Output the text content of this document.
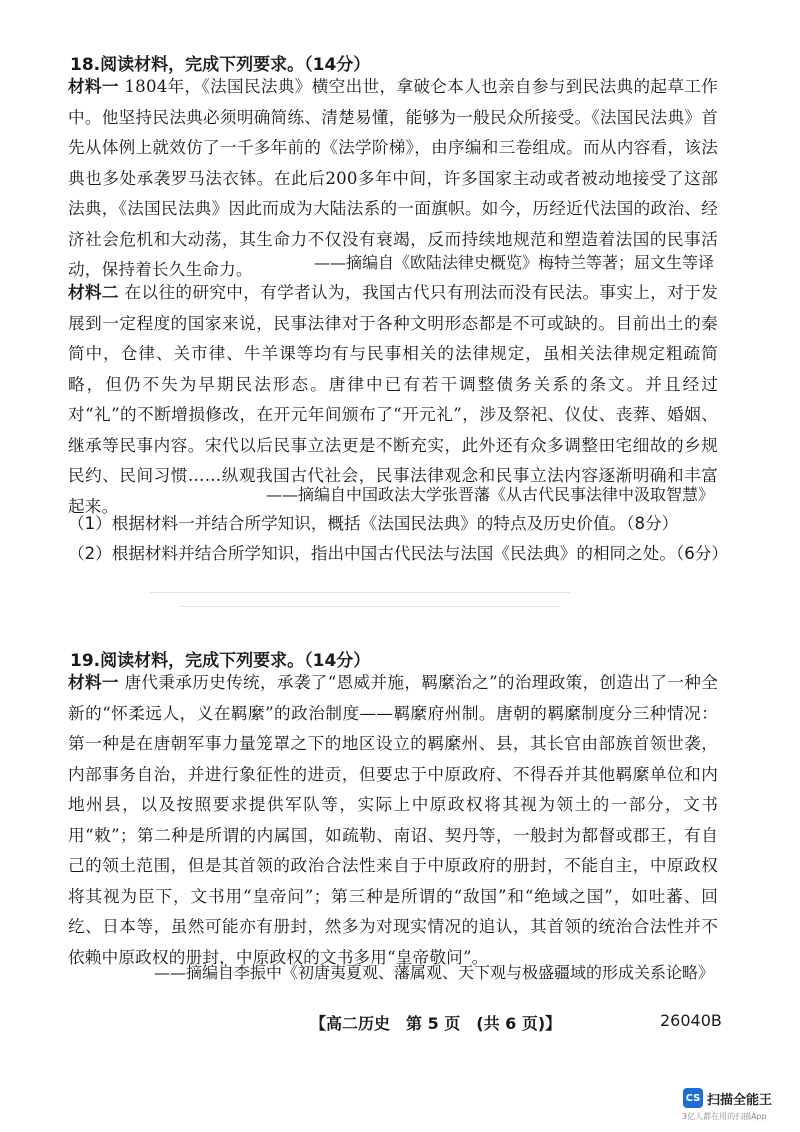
18.阅读材料，完成下列要求。（14分）
材料一 1804年，《法国民法典》横空出世，拿破仑本人也亲自参与到民法典的起草工作中。他坚持民法典必须明确简练、清楚易懂，能够为一般民众所接受。《法国民法典》首先从体例上就效仿了一千多年前的《法学阶梯》，由序编和三卷组成。而从内容看，该法典也多处承袭罗马法衣钵。在此后200多年中间，许多国家主动或者被动地接受了这部法典，《法国民法典》因此而成为大陆法系的一面旗帜。如今，历经近代法国的政治、经济社会危机和大动荡，其生命力不仅没有衰竭，反而持续地规范和塑造着法国的民事活动，保持着长久生命力。	——摘编自《欧陆法律史概览》梅特兰等著；屈文生等译
材料二 在以往的研究中，有学者认为，我国古代只有刑法而没有民法。事实上，对于发展到一定程度的国家来说，民事法律对于各种文明形态都是不可或缺的。目前出土的秦简中，仓律、关市律、牛羊课等均有与民事相关的法律规定，虽相关法律规定粗疏简略，但仍不失为早期民法形态。唐律中已有若干调整债务关系的条文。并且经过对“礼”的不断增损修改，在开元年间颁布了“开元礼”，涉及祭祀、仪仗、丧葬、婚姻、继承等民事内容。宋代以后民事立法更是不断充实，此外还有众多调整田宅细故的乡规民约、民间习惯……纵观我国古代社会，民事法律观念和民事立法内容逐渐明确和丰富起来。
——摘编自中国政法大学张晋藩《从古代民事法律中汲取智慧》
（1）根据材料一并结合所学知识，概括《法国民法典》的特点及历史价值。（8分）
（2）根据材料并结合所学知识，指出中国古代民法与法国《民法典》的相同之处。（6分）
19.阅读材料，完成下列要求。（14分）
材料一 唐代秉承历史传统，承袭了“恩威并施，羁縻治之”的治理政策，创造出了一种全新的“怀柔远人，义在羁縻”的政治制度——羁縻府州制。唐朝的羁縻制度分三种情况：第一种是在唐朝军事力量笼罩之下的地区设立的羁縻州、县，其长官由部族首领世袭，内部事务自治，并进行象征性的进贡，但要忠于中原政府、不得吞并其他羁縻单位和内地州县，以及按照要求提供军队等，实际上中原政权将其视为领土的一部分，文书用“敕”；第二种是所谓的内属国，如疏勒、南诏、契丹等，一般封为都督或郡王，有自己的领土范围，但是其首领的政治合法性来自于中原政府的册封，不能自主，中原政权将其视为臣下，文书用“皇帝问”；第三种是所谓的“敌国”和“绝域之国”，如吐蕃、回纥、日本等，虽然可能亦有册封，然多为对现实情况的追认，其首领的统治合法性并不依赖中原政权的册封，中原政权的文书多用“皇帝敬问”。
——摘编自李振中《初唐夷夏观、藩属观、天下观与极盛疆域的形成关系论略》
【高二历史　第 5 页　(共 6 页)】	26040B
CS 扫描全能王
3亿人都在用的扫描App
